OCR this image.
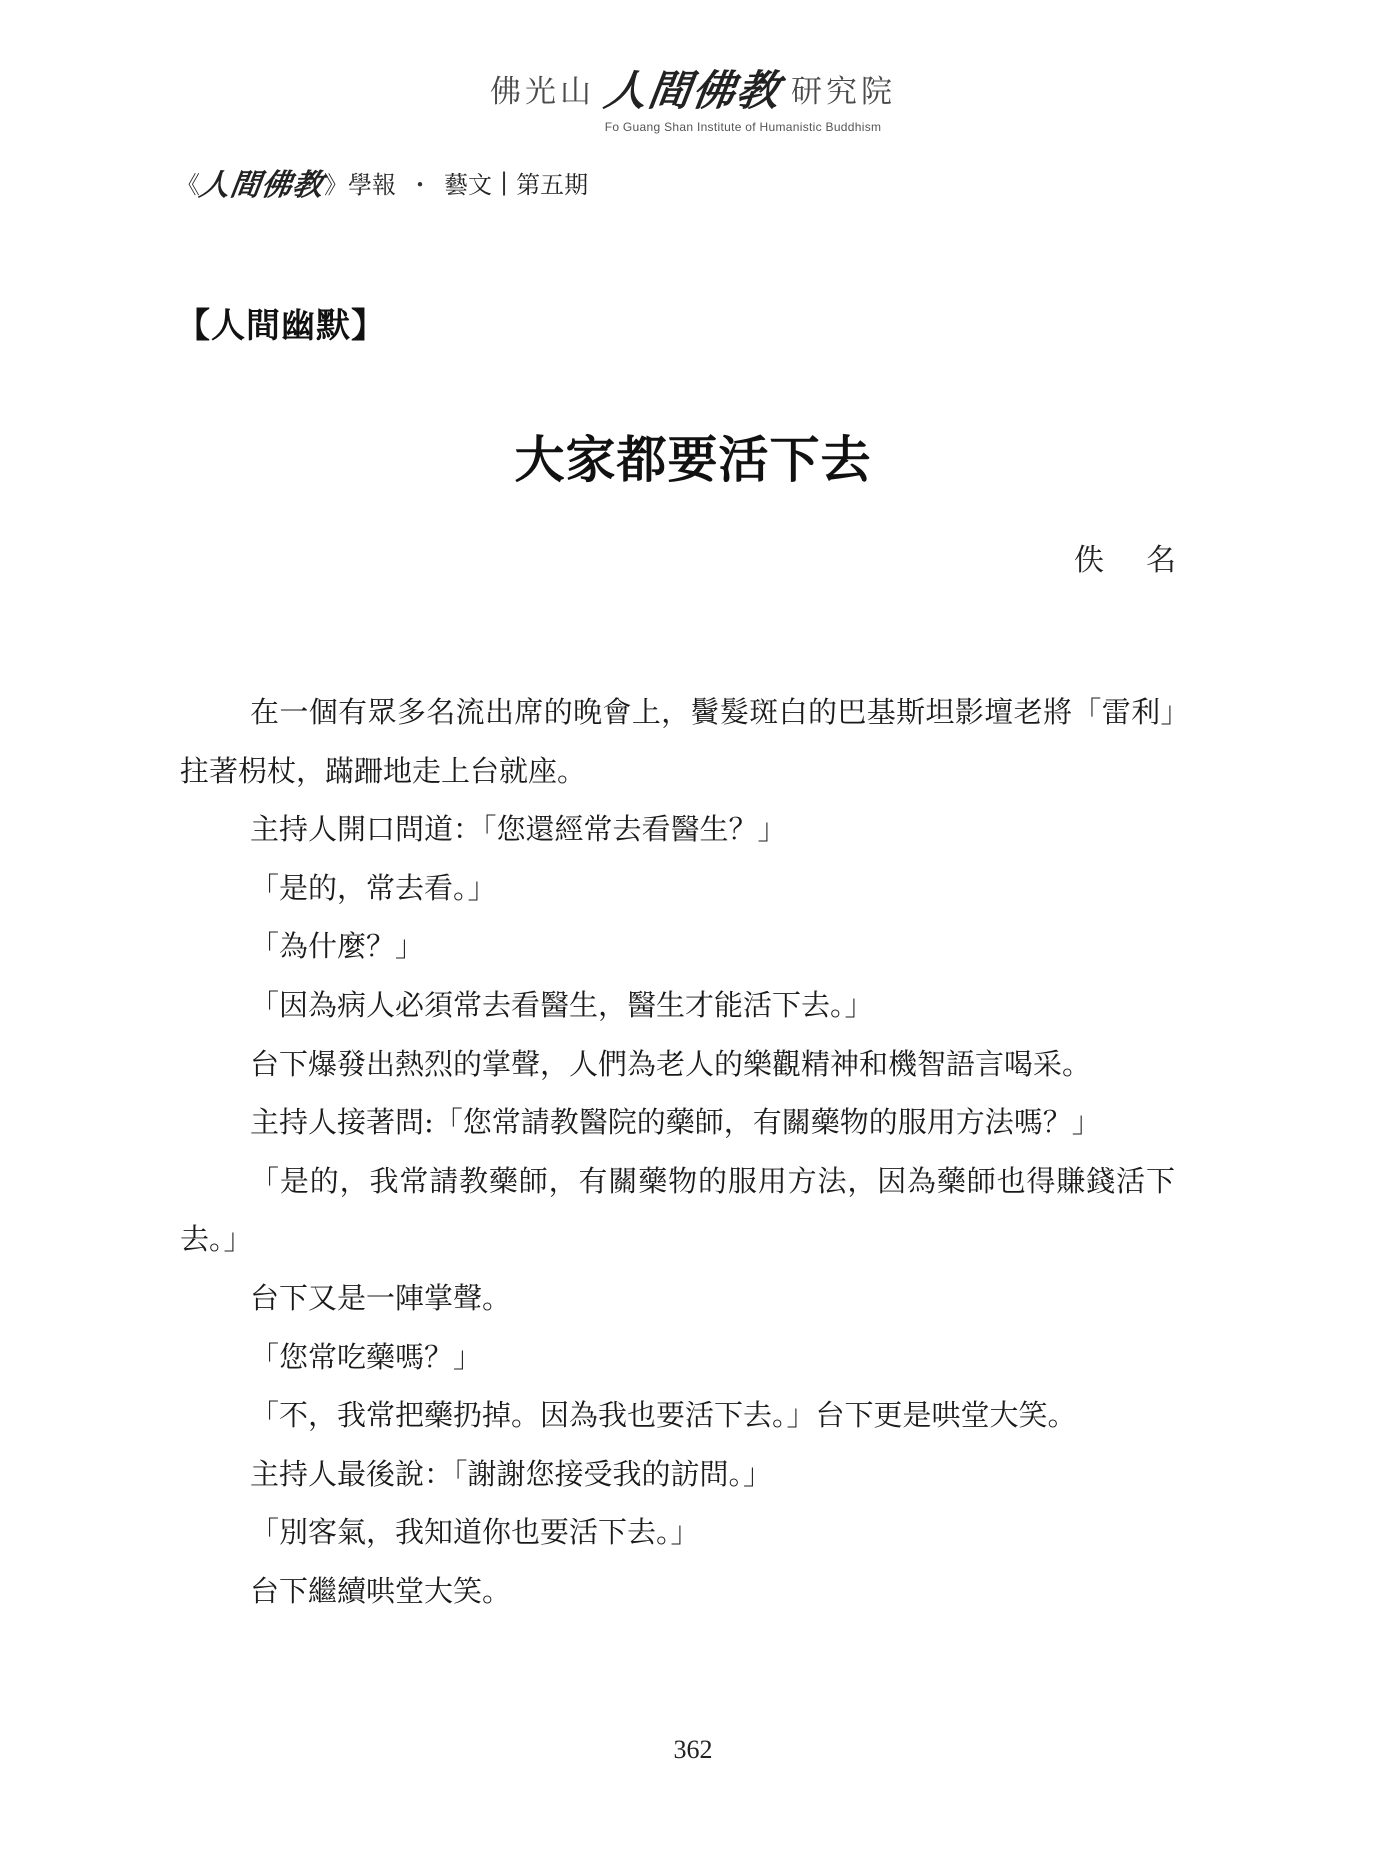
佛光山 人間佛教 研究院
Fo Guang Shan Institute of Humanistic Buddhism
《
人間佛教
》 學報 ・ 藝文 | 第五期
【人間幽默】
大家都要活下去
佚 名

在一個有眾多名流出席的晚會上，鬢髮斑白的巴基斯坦影壇老將「雷利」拄著枴杖，蹣跚地走上台就座。

主持人開口問道：「您還經常去看醫生？」

「是的，常去看。」

「為什麼？」

「因為病人必須常去看醫生，醫生才能活下去。」

台下爆發出熱烈的掌聲，人們為老人的樂觀精神和機智語言喝采。

主持人接著問:「您常請教醫院的藥師，有關藥物的服用方法嗎？」

「是的，我常請教藥師，有關藥物的服用方法，因為藥師也得賺錢活下去。」

台下又是一陣掌聲。

「您常吃藥嗎？」

「不，我常把藥扔掉。因為我也要活下去。」台下更是哄堂大笑。

主持人最後說：「謝謝您接受我的訪問。」

「別客氣，我知道你也要活下去。」

台下繼續哄堂大笑。

362
